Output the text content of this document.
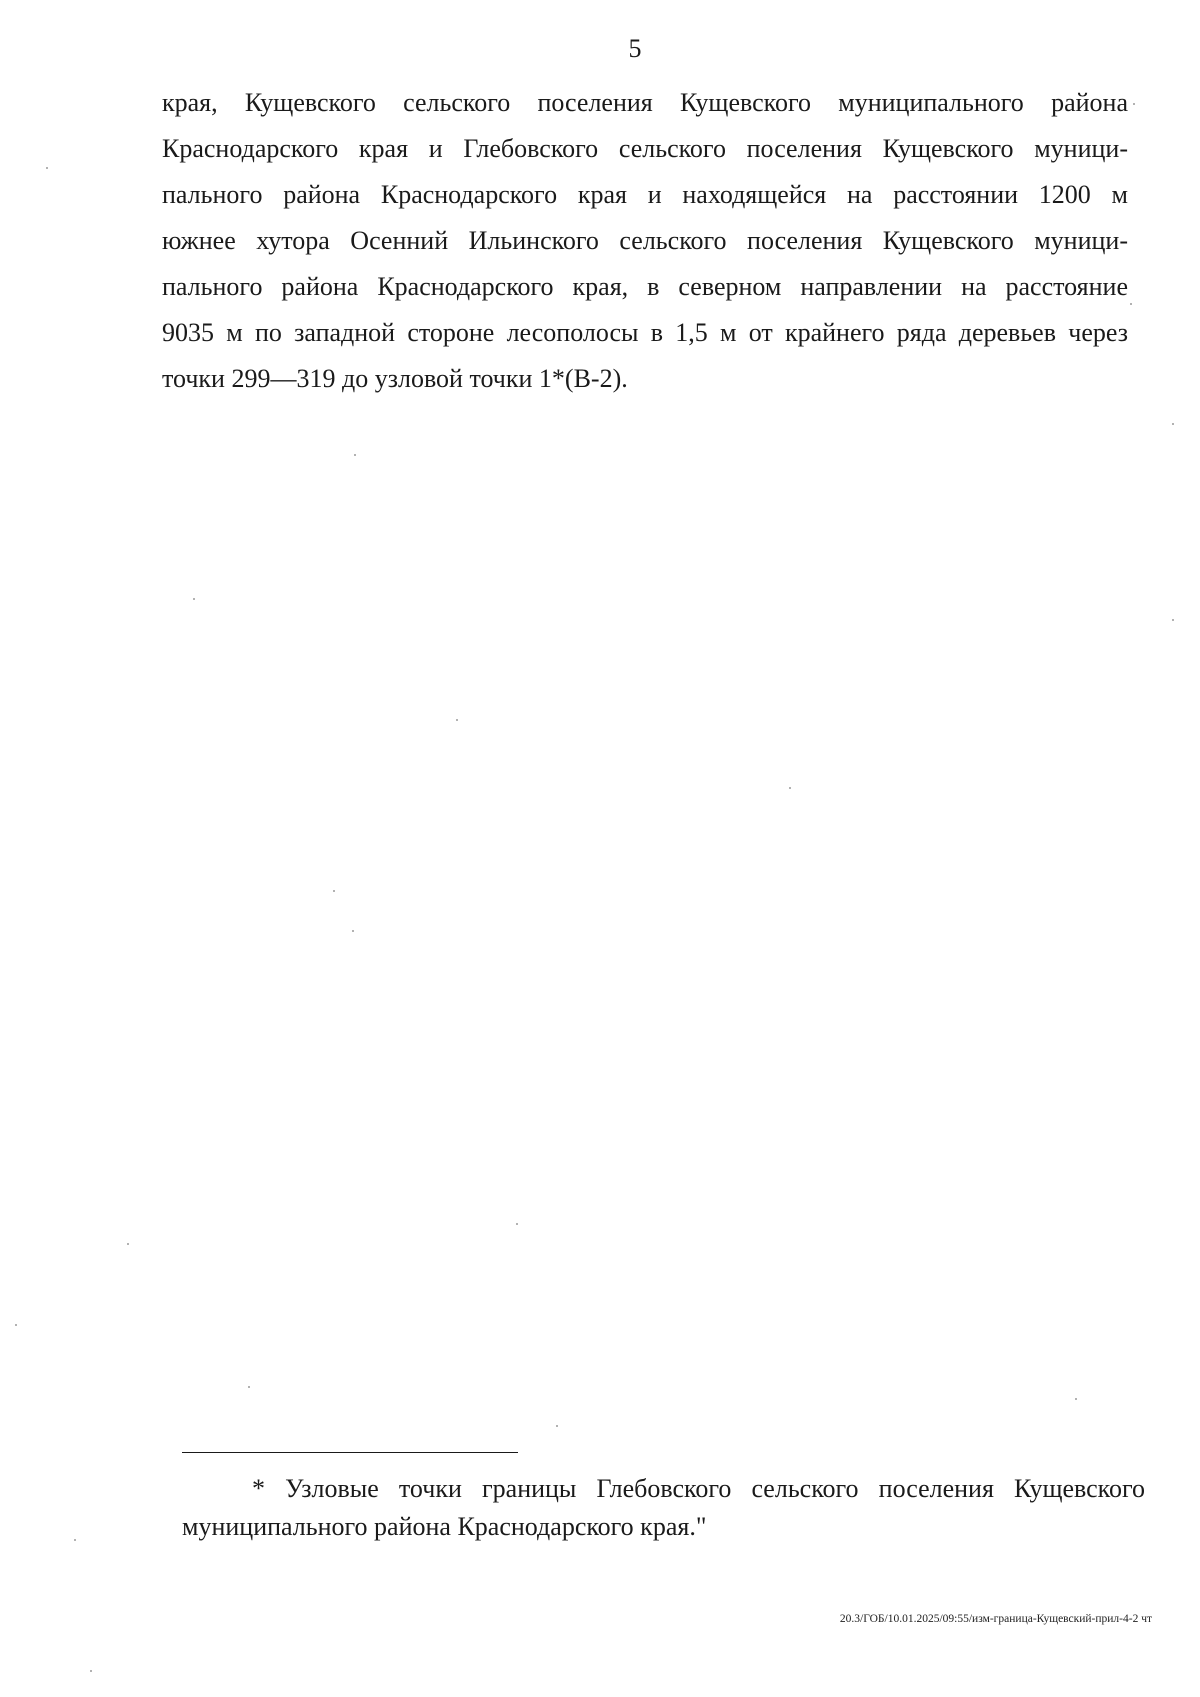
5
края, Кущевского сельского поселения Кущевского муниципального района
Краснодарского края и Глебовского сельского поселения Кущевского муници-
пального района Краснодарского края и находящейся на расстоянии 1200 м
южнее хутора Осенний Ильинского сельского поселения Кущевского муници-
пального района Краснодарского края, в северном направлении на расстояние
9035 м по западной стороне лесополосы в 1,5 м от крайнего ряда деревьев через
точки 299—319 до узловой точки 1*(В-2).
* Узловые точки границы Глебовского сельского поселения Кущевского
муниципального района Краснодарского края."
20.3/ГОБ/10.01.2025/09:55/изм-граница-Кущевский-прил-4-2 чт
